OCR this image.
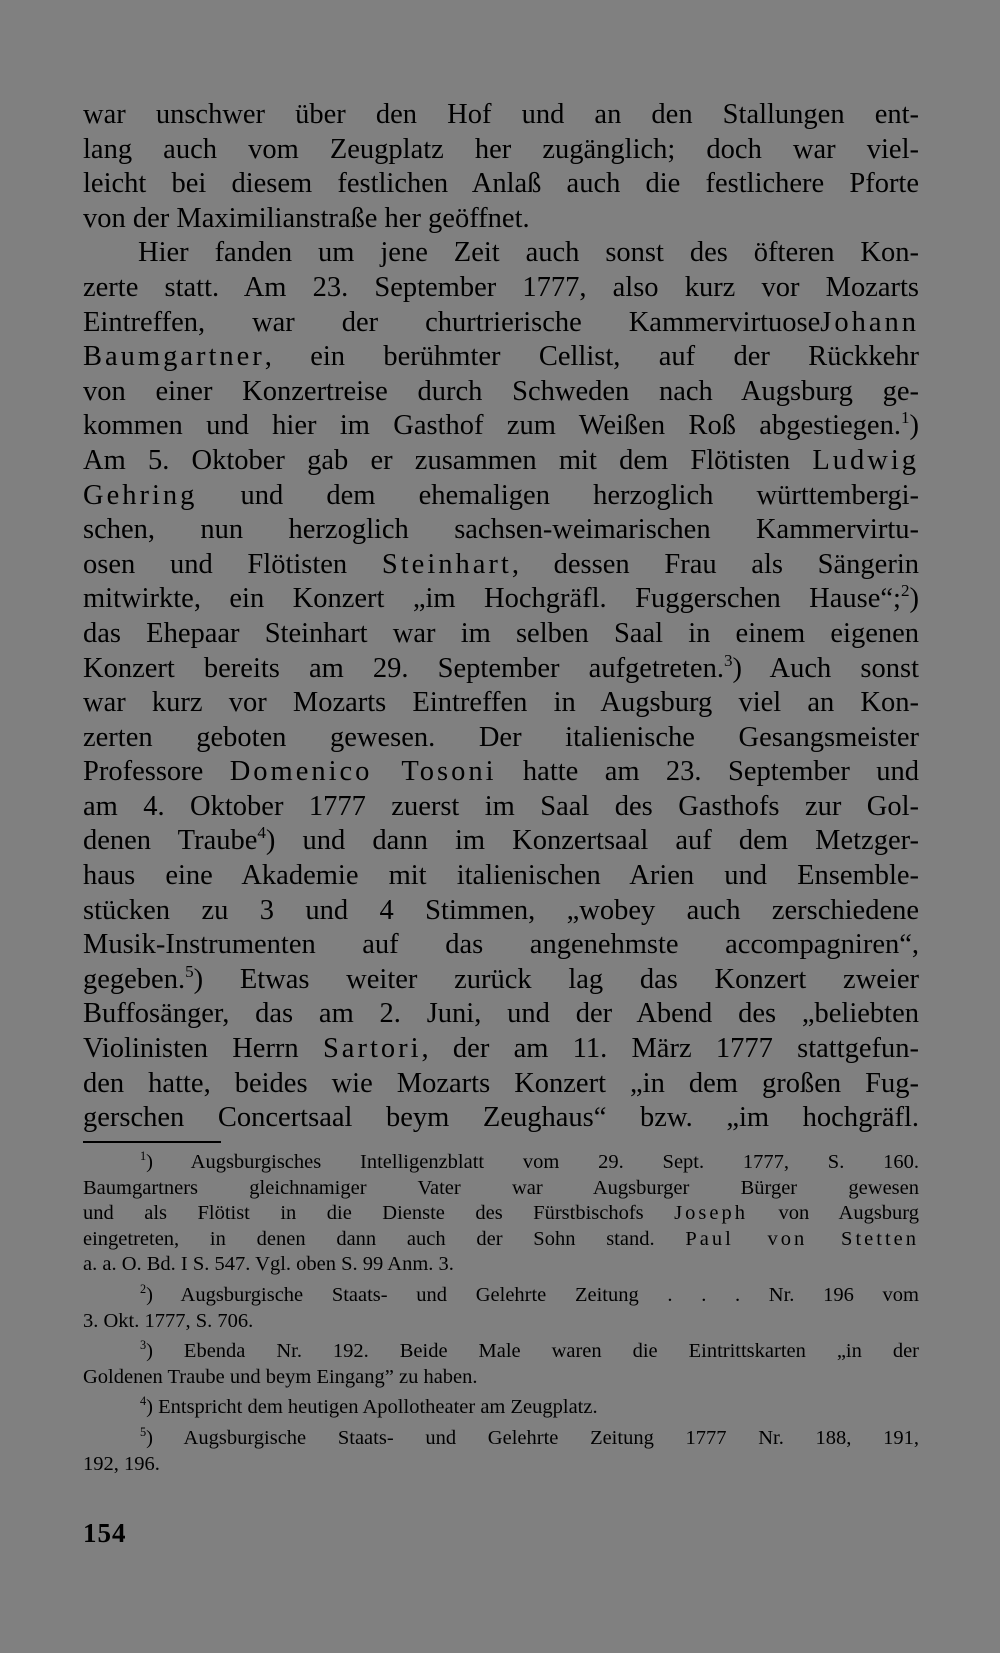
war unschwer über den Hof und an den Stallungen ent-
lang auch vom Zeugplatz her zugänglich; doch war viel-
leicht bei diesem festlichen Anlaß auch die festlichere Pforte
von der Maximilianstraße her geöffnet.
Hier fanden um jene Zeit auch sonst des öfteren Kon-
zerte statt. Am 23. September 1777, also kurz vor Mozarts
Eintreffen, war der churtrierische KammervirtuoseJohann
Baumgartner, ein berühmter Cellist, auf der Rückkehr
von einer Konzertreise durch Schweden nach Augsburg ge-
kommen und hier im Gasthof zum Weißen Roß abgestiegen.$^1$)
Am 5. Oktober gab er zusammen mit dem Flötisten Ludwig
Gehring und dem ehemaligen herzoglich württembergi-
schen, nun herzoglich sachsen-weimarischen Kammervirtu-
osen und Flötisten Steinhart, dessen Frau als Sängerin
mitwirkte, ein Konzert „im Hochgräfl. Fuggerschen Hause“;$^2$)
das Ehepaar Steinhart war im selben Saal in einem eigenen
Konzert bereits am 29. September aufgetreten.$^3$) Auch sonst
war kurz vor Mozarts Eintreffen in Augsburg viel an Kon-
zerten geboten gewesen. Der italienische Gesangsmeister
Professore Domenico Tosoni hatte am 23. September und
am 4. Oktober 1777 zuerst im Saal des Gasthofs zur Gol-
denen Traube$^4$) und dann im Konzertsaal auf dem Metzger-
haus eine Akademie mit italienischen Arien und Ensemble-
stücken zu 3 und 4 Stimmen, „wobey auch zerschiedene
Musik-Instrumenten auf das angenehmste accompagniren“,
gegeben.$^5$) Etwas weiter zurück lag das Konzert zweier
Buffosänger, das am 2. Juni, und der Abend des „beliebten
Violinisten Herrn Sartori, der am 11. März 1777 stattgefun-
den hatte, beides wie Mozarts Konzert „in dem großen Fug-
gerschen Concertsaal beym Zeughaus“ bzw. „im hochgräfl.
$^1$) Augsburgisches Intelligenzblatt vom 29. Sept. 1777, S. 160.
Baumgartners gleichnamiger Vater war Augsburger Bürger gewesen
und als Flötist in die Dienste des Fürstbischofs Joseph von Augsburg
eingetreten, in denen dann auch der Sohn stand. Paul von Stetten
a. a. O. Bd. I S. 547. Vgl. oben S. 99 Anm. 3.
$^2$) Augsburgische Staats- und Gelehrte Zeitung . . . Nr. 196 vom
3. Okt. 1777, S. 706.
$^3$) Ebenda Nr. 192. Beide Male waren die Eintrittskarten „in der
Goldenen Traube und beym Eingang” zu haben.
$^4$) Entspricht dem heutigen Apollotheater am Zeugplatz.
$^5$) Augsburgische Staats- und Gelehrte Zeitung 1777 Nr. 188, 191,
192, 196.
154
